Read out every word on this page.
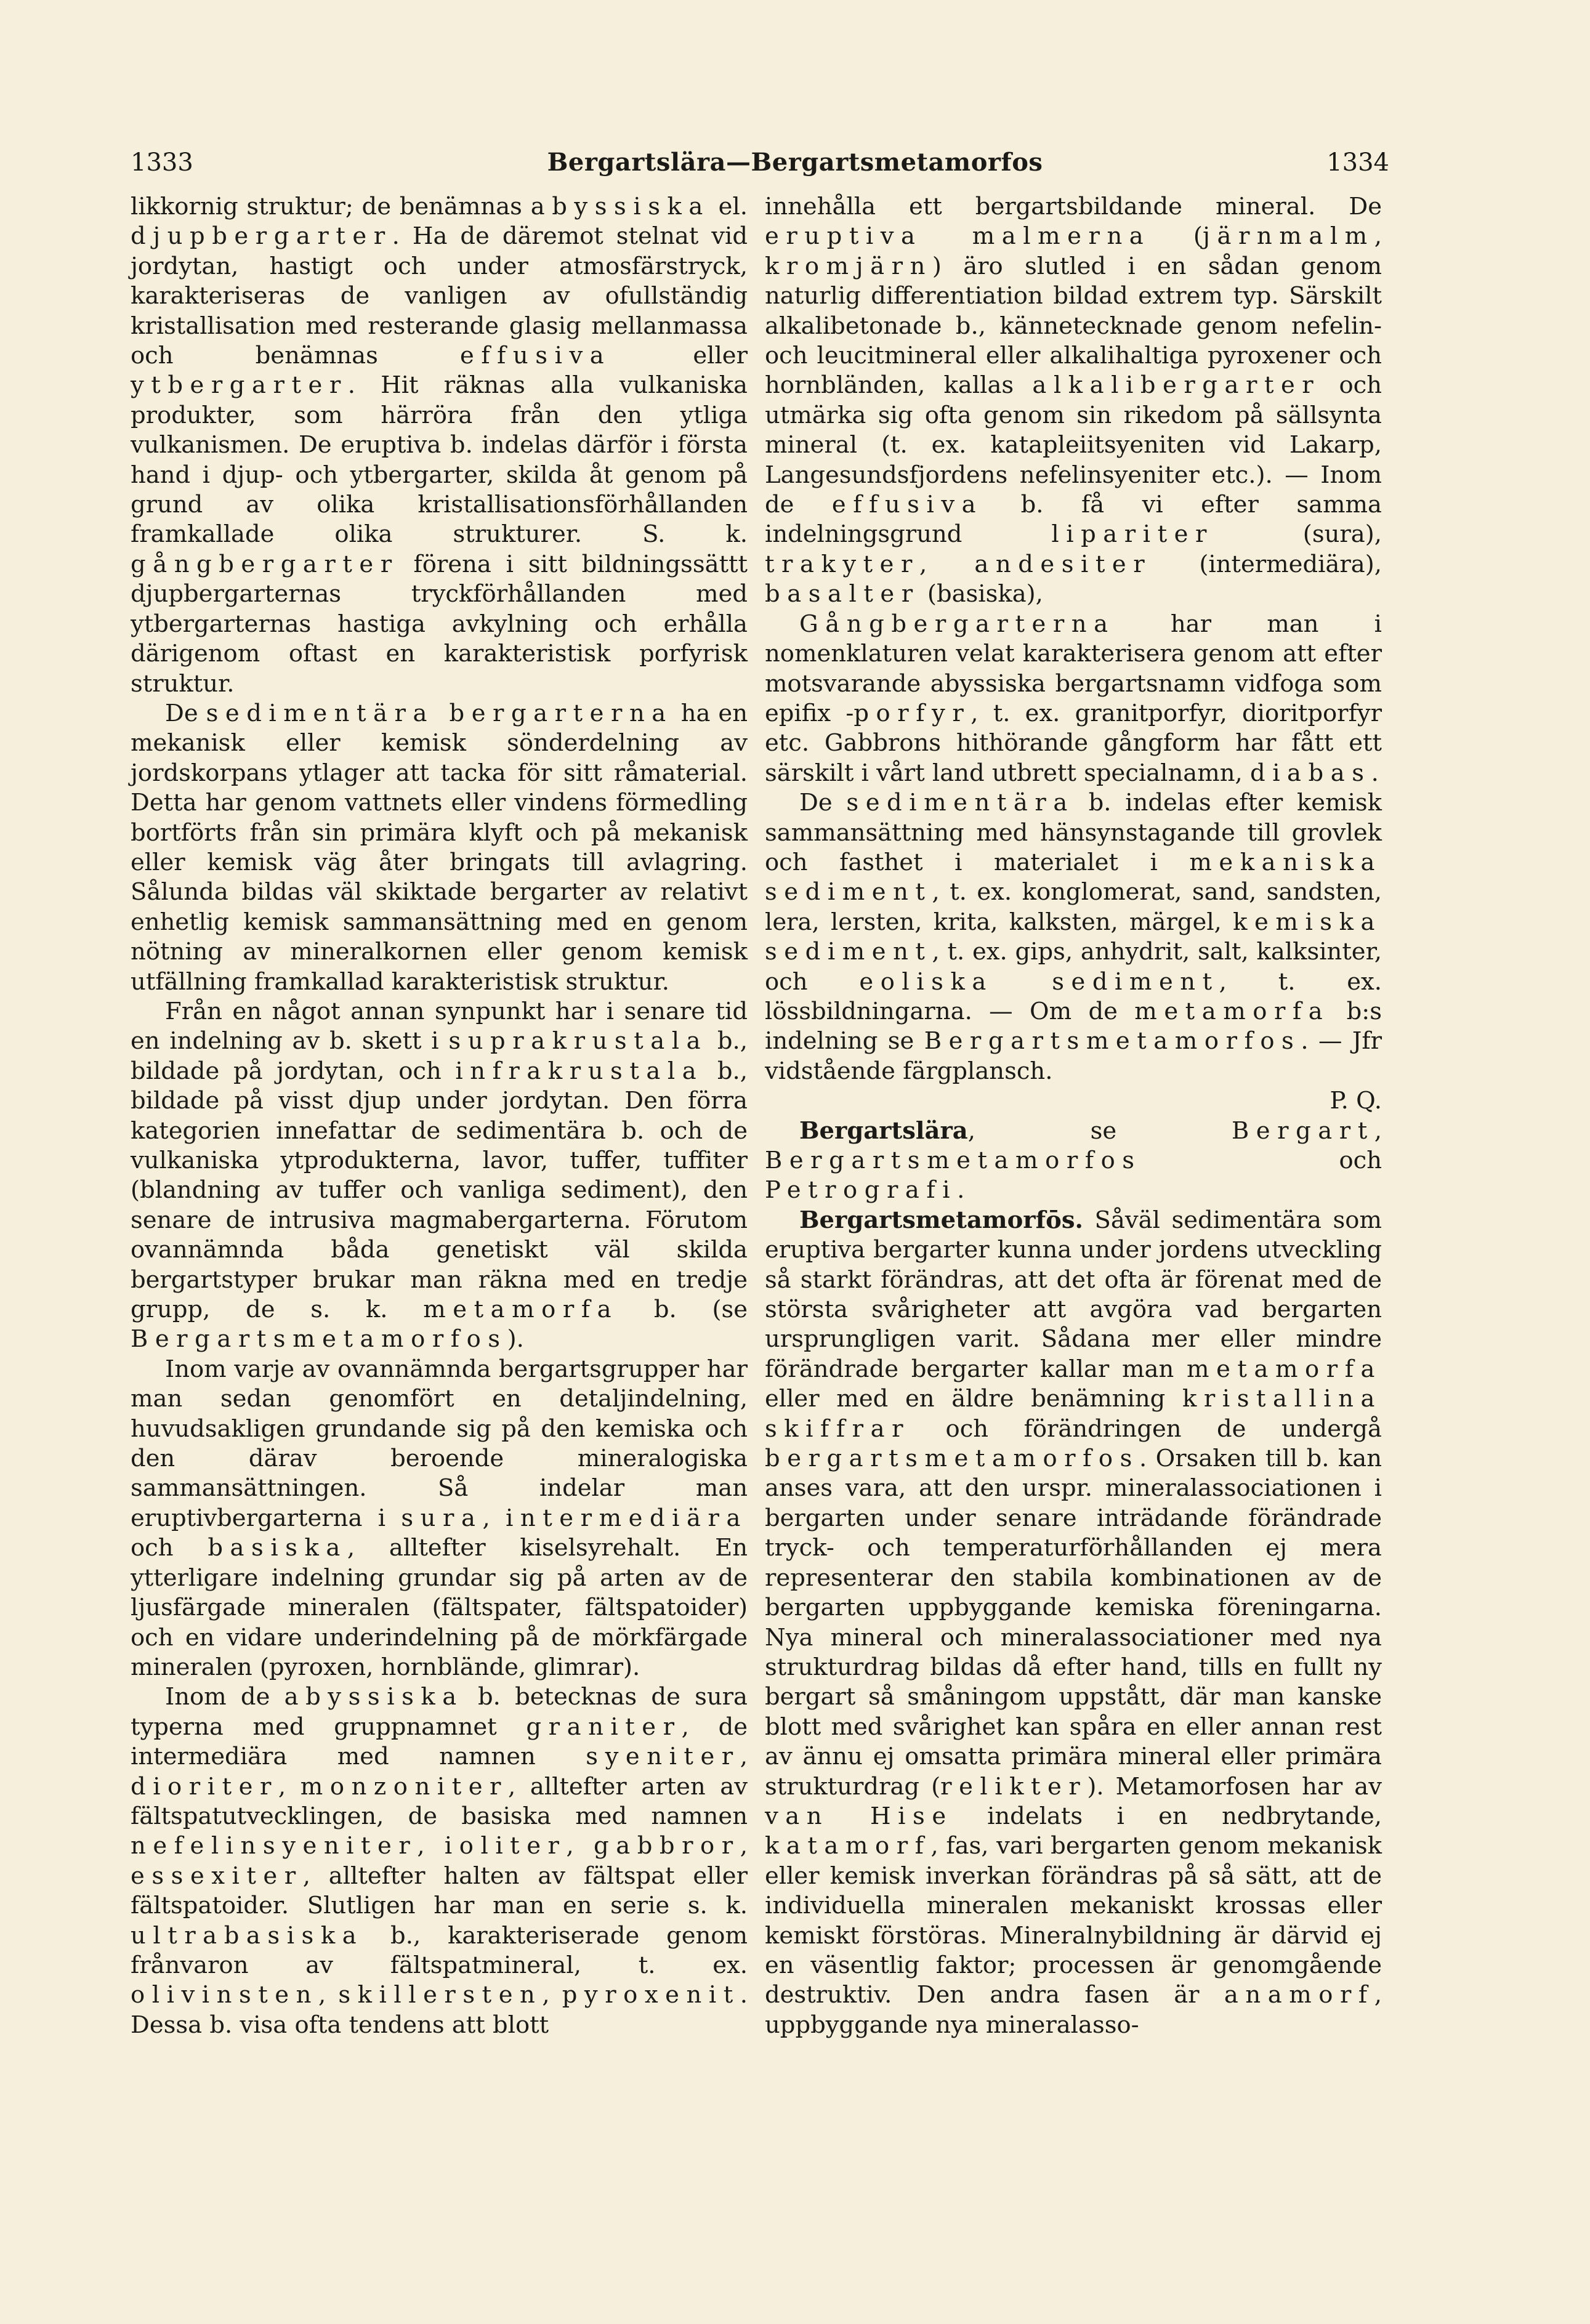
1333	Bergartslära—Bergartsmetamorfos	1334

likkornig struktur; de benämnas abyssiska el. djupbergarter. Ha de däremot stelnat vid jordytan, hastigt och under atmosfärstryck, karakteriseras de vanligen av ofullständig kristallisation med resterande glasig mellanmassa och benämnas effusiva eller ytbergarter. Hit räknas alla vulkaniska produkter, som härröra från den ytliga vulkanismen. De eruptiva b. indelas därför i första hand i djup- och ytbergarter, skilda åt genom på grund av olika kristallisationsförhållanden framkallade olika strukturer. S. k. gångbergarter förena i sitt bildningssättt djupbergarternas tryckförhållanden med ytbergarternas hastiga avkylning och erhålla därigenom oftast en karakteristisk porfyrisk struktur.

De sedimentära bergarterna ha en mekanisk eller kemisk sönderdelning av jordskorpans ytlager att tacka för sitt råmaterial. Detta har genom vattnets eller vindens förmedling bortförts från sin primära klyft och på mekanisk eller kemisk väg åter bringats till avlagring. Sålunda bildas väl skiktade bergarter av relativt enhetlig kemisk sammansättning med en genom nötning av mineralkornen eller genom kemisk utfällning framkallad karakteristisk struktur.

Från en något annan synpunkt har i senare tid en indelning av b. skett i suprakrustala b., bildade på jordytan, och infrakrustala b., bildade på visst djup under jordytan. Den förra kategorien innefattar de sedimentära b. och de vulkaniska ytprodukterna, lavor, tuffer, tuffiter (blandning av tuffer och vanliga sediment), den senare de intrusiva magmabergarterna. Förutom ovannämnda båda genetiskt väl skilda bergartstyper brukar man räkna med en tredje grupp, de s. k. metamorfa b. (se Bergartsmetamorfos).

Inom varje av ovannämnda bergartsgrupper har man sedan genomfört en detaljindelning, huvudsakligen grundande sig på den kemiska och den därav beroende mineralogiska sammansättningen. Så indelar man eruptivbergarterna i sura, intermediära och basiska, alltefter kiselsyrehalt. En ytterligare indelning grundar sig på arten av de ljusfärgade mineralen (fältspater, fältspatoider) och en vidare underindelning på de mörkfärgade mineralen (pyroxen, hornblände, glimrar).

Inom de abyssiska b. betecknas de sura typerna med gruppnamnet graniter, de intermediära med namnen syeniter, dioriter, monzoniter, alltefter arten av fältspatutvecklingen, de basiska med namnen nefelinsyeniter, ioliter, gabbror, essexiter, alltefter halten av fältspat eller fältspatoider. Slutligen har man en serie s. k. ultrabasiska b., karakteriserade genom frånvaron av fältspatmineral, t. ex. olivinsten, skillersten, pyroxenit. Dessa b. visa ofta tendens att blott

innehålla ett bergartsbildande mineral. De eruptiva malmerna (järnmalm, kromjärn) äro slutled i en sådan genom naturlig differentiation bildad extrem typ. Särskilt alkalibetonade b., kännetecknade genom nefelin- och leucitmineral eller alkalihaltiga pyroxener och hornbländen, kallas alkalibergarter och utmärka sig ofta genom sin rikedom på sällsynta mineral (t. ex. katapleiitsyeniten vid Lakarp, Langesundsfjordens nefelinsyeniter etc.). — Inom de effusiva b. få vi efter samma indelningsgrund lipariter (sura), trakyter, andesiter (intermediära), basalter (basiska),

Gångbergarterna har man i nomenklaturen velat karakterisera genom att efter motsvarande abyssiska bergartsnamn vidfoga som epifix -porfyr, t. ex. granitporfyr, dioritporfyr etc. Gabbrons hithörande gångform har fått ett särskilt i vårt land utbrett specialnamn, diabas.

De sedimentära b. indelas efter kemisk sammansättning med hänsynstagande till grovlek och fasthet i materialet i mekaniska sediment, t. ex. konglomerat, sand, sandsten, lera, lersten, krita, kalksten, märgel, kemiska sediment, t. ex. gips, anhydrit, salt, kalksinter, och eoliska sediment, t. ex. lössbildningarna. — Om de metamorfa b:s indelning se Bergartsmetamorfos. — Jfr vidstående färgplansch.

P. Q.

Bergartslära, se Bergart, Bergartsmetamorfos och Petrografi.

Bergartsmetamorfōs. Såväl sedimentära som eruptiva bergarter kunna under jordens utveckling så starkt förändras, att det ofta är förenat med de största svårigheter att avgöra vad bergarten ursprungligen varit. Sådana mer eller mindre förändrade bergarter kallar man metamorfa eller med en äldre benämning kristallina skiffrar och förändringen de undergå bergartsmetamorfos. Orsaken till b. kan anses vara, att den urspr. mineralassociationen i bergarten under senare inträdande förändrade tryck- och temperaturförhållanden ej mera representerar den stabila kombinationen av de bergarten uppbyggande kemiska föreningarna. Nya mineral och mineralassociationer med nya strukturdrag bildas då efter hand, tills en fullt ny bergart så småningom uppstått, där man kanske blott med svårighet kan spåra en eller annan rest av ännu ej omsatta primära mineral eller primära strukturdrag (relikter). Metamorfosen har av van Hise indelats i en nedbrytande, katamorf, fas, vari bergarten genom mekanisk eller kemisk inverkan förändras på så sätt, att de individuella mineralen mekaniskt krossas eller kemiskt förstöras. Mineralnybildning är därvid ej en väsentlig faktor; processen är genomgående destruktiv. Den andra fasen är anamorf, uppbyggande nya mineralasso-
